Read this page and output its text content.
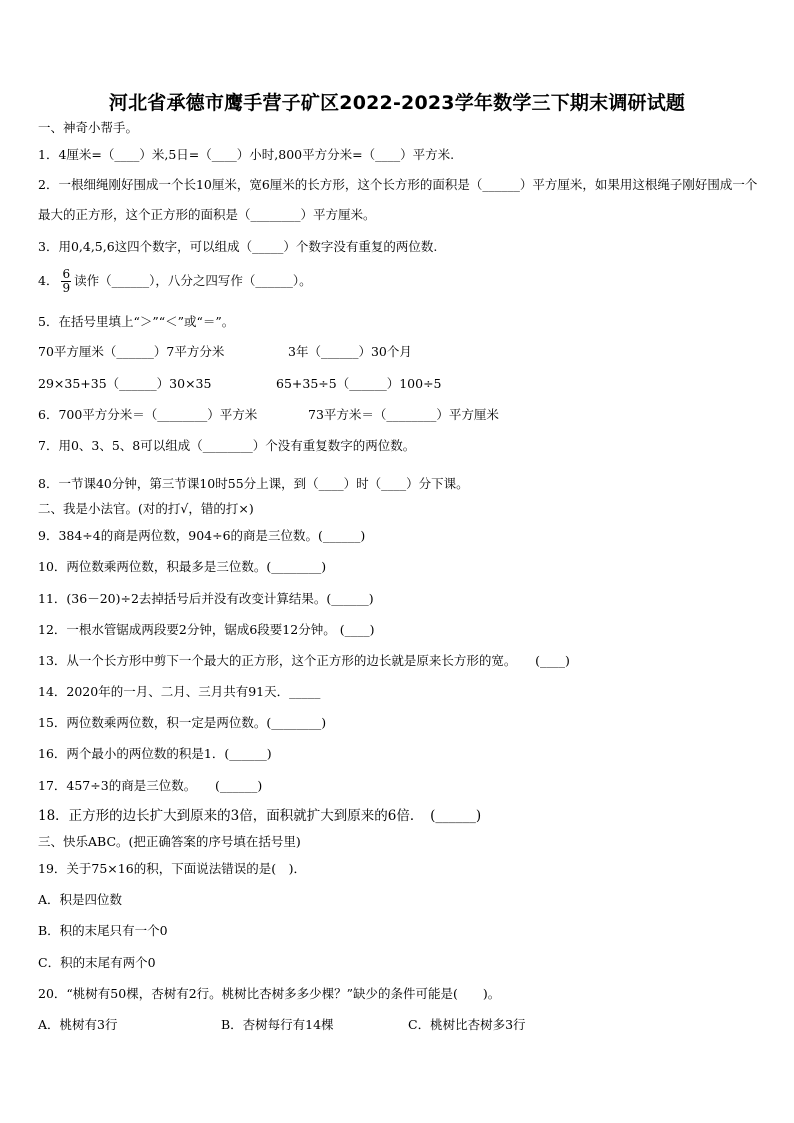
河北省承德市鹰手营子矿区2022-2023学年数学三下期末调研试题
一、神奇小帮手。
1．4厘米=（____）米,5日=（____）小时,800平方分米=（____）平方米.
2．一根细绳刚好围成一个长10厘米，宽6厘米的长方形，这个长方形的面积是（______）平方厘米，如果用这根绳子刚好围成一个最大的正方形，这个正方形的面积是（________）平方厘米。
3．用0,4,5,6这四个数字，可以组成（_____）个数字没有重复的两位数.
4． $\frac{6}{9}$ 读作（______），八分之四写作（______）。
5．在括号里填上“＞”“＜”或“＝”。
70平方厘米（______）7平方分米	3年（______）30个月
29×35+35（______）30×35	65+35÷5（______）100÷5
6．700平方分米＝（________）平方米	73平方米＝（________）平方厘米
7．用0、3、5、8可以组成（________）个没有重复数字的两位数。
8．一节课40分钟，第三节课10时55分上课，到（____）时（____）分下课。
二、我是小法官。(对的打√，错的打×)
9．384÷4的商是两位数，904÷6的商是三位数。(______)
10．两位数乘两位数，积最多是三位数。(________)
11．(36－20)÷2去掉括号后并没有改变计算结果。(______)
12．一根水管锯成两段要2分钟，锯成6段要12分钟。 (____)
13．从一个长方形中剪下一个最大的正方形，这个正方形的边长就是原来长方形的宽。　　(____)
14．2020年的一月、二月、三月共有91天．_____
15．两位数乘两位数，积一定是两位数。(________)
16．两个最小的两位数的积是1．(______)
17．457÷3的商是三位数。　　(______)
18．正方形的边长扩大到原来的3倍，面积就扩大到原来的6倍．　(______)
三、快乐ABC。(把正确答案的序号填在括号里)
19．关于75×16的积，下面说法错误的是(　)．
A．积是四位数
B．积的末尾只有一个0
C．积的末尾有两个0
20．“桃树有50棵，杏树有2行。桃树比杏树多多少棵？”缺少的条件可能是(　　)。
A．桃树有3行	B．杏树每行有14棵	C．桃树比杏树多3行
